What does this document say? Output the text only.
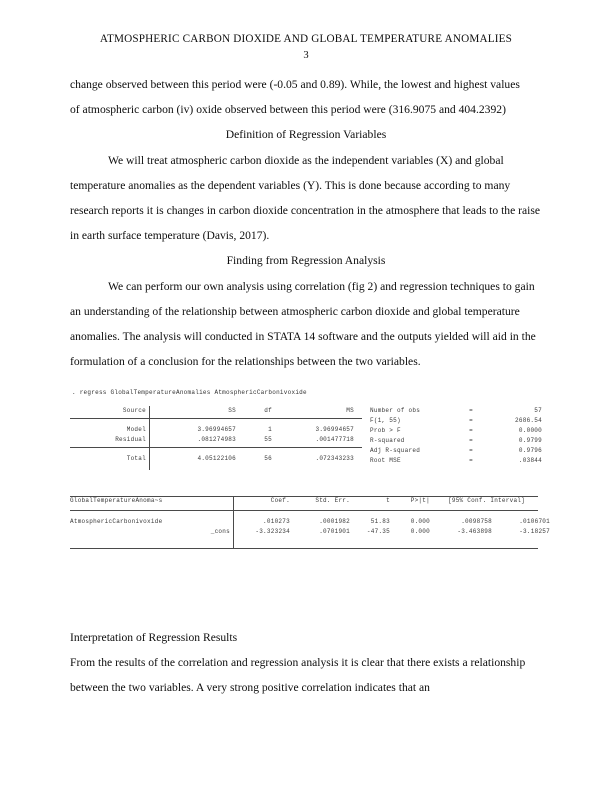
ATMOSPHERIC CARBON DIOXIDE AND GLOBAL TEMPERATURE ANOMALIES
3

change observed between this period were (-0.05 and 0.89). While, the lowest and highest values

of atmospheric carbon (iv) oxide observed between this period were (316.9075 and 404.2392)

Definition of Regression Variables

We will treat atmospheric carbon dioxide as the independent variables (X) and global temperature anomalies as the dependent variables (Y). This is done because according to many research reports it is changes in carbon dioxide concentration in the atmosphere that leads to the raise in earth surface temperature (Davis, 2017).

Finding from Regression Analysis

We can perform our own analysis using correlation (fig 2) and regression techniques to gain an understanding of the relationship between atmospheric carbon dioxide and global temperature anomalies. The analysis will conducted in STATA 14 software and the outputs yielded will aid in the formulation of a conclusion for the relationships between the two variables.

. regress GlobalTemperatureAnomalies AtmosphericCarbonivoxide
Source	SS	df	MS
Model	3.96994657	1	3.96994657
Residual	.081274983	55	.001477718
Total	4.05122106	56	.072343233
Number of obs	=	57
F(1, 55)	=	2686.54
Prob > F	=	0.0000
R-squared	=	0.9799
Adj R-squared	=	0.9796
Root MSE	=	.03844
GlobalTemperatureAnoma~s	Coef.	Std. Err.	t	P>|t|	[95% Conf. Interval]
AtmosphericCarbonivoxide	.010273	.0001982	51.83	0.000	.0098758	.0106701
_cons	-3.323234	.0701901	-47.35	0.000	-3.463898	-3.18257

Interpretation of Regression Results

From the results of the correlation and regression analysis it is clear that there exists a relationship between the two variables. A very strong positive correlation indicates that an
